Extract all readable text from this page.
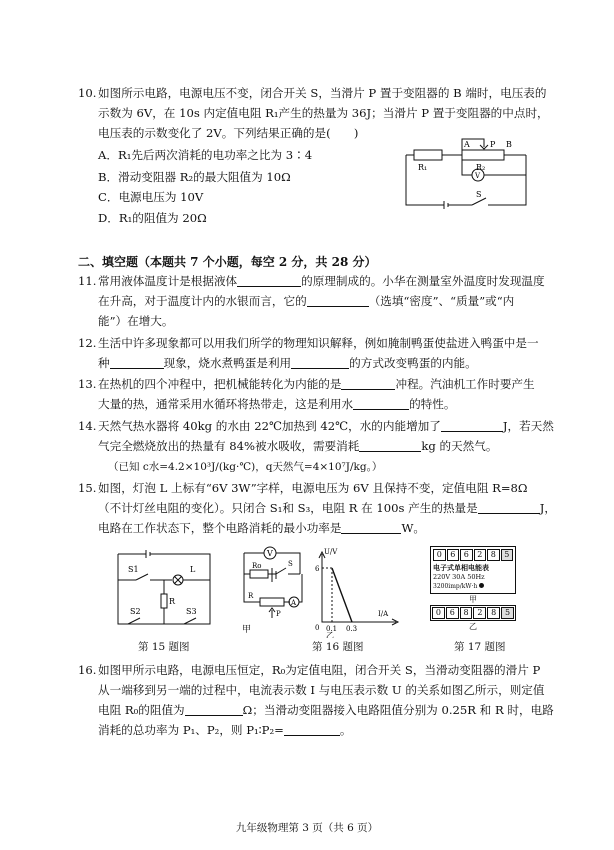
10. 如图所示电路，电源电压不变，闭合开关 S，当滑片 P 置于变阻器的 B 端时，电压表的
示数为 6V，在 10s 内定值电阻 R₁产生的热量为 36J；当滑片 P 置于变阻器的中点时，
电压表的示数变化了 2V。下列结果正确的是(　　)
A．R₁先后两次消耗的电功率之比为 3∶4
B．滑动变阻器 R₂的最大阻值为 10Ω
C．电源电压为 10V
D．R₁的阻值为 20Ω
R₁	R₂
A	P B
V
S
二、填空题（本题共 7 个小题，每空 2 分，共 28 分）
11. 常用液体温度计是根据液体	的原理制成的。小华在测量室外温度时发现温度
在升高，对于温度计内的水银而言，它的	（选填“密度”、“质量”或“内
能”）在增大。
12. 生活中许多现象都可以用我们所学的物理知识解释，例如腌制鸭蛋使盐进入鸭蛋中是一
种	现象，烧水煮鸭蛋是利用	的方式改变鸭蛋的内能。
13. 在热机的四个冲程中，把机械能转化为内能的是	冲程。汽油机工作时要产生
大量的热，通常采用水循环将热带走，这是利用水	的特性。
14. 天然气热水器将 40kg 的水由 22℃加热到 42℃，水的内能增加了	J，若天然
气完全燃烧放出的热量有 84%被水吸收，需要消耗	kg 的天然气。
（已知 c水=4.2×10³J/(kg·℃)，q天然气=4×10⁷J/kg。）
15. 如图，灯泡 L 上标有“6V 3W”字样，电源电压为 6V 且保持不变，定值电阻 R=8Ω
（不计灯丝电阻的变化）。只闭合 S₁和 S₃，电阻 R 在 100s 产生的热量是	J，
电路在工作状态下，整个电路消耗的最小功率是	W。
S1	L
R
S2	S3
第 15 题图
V
Ro	S
A
R
P
甲
U/V
I/A
6
0 0.1 0.3
乙
第 16 题图
0	6	6	2	8	5
电子式单相电能表
220V 30A 50Hz
3200imp/kW·h
甲
0	6	8	2	8	5
乙
第 17 题图
16. 如图甲所示电路，电源电压恒定，R₀为定值电阻，闭合开关 S，当滑动变阻器的滑片 P
从一端移到另一端的过程中，电流表示数 I 与电压表示数 U 的关系如图乙所示，则定值
电阻 R₀的阻值为	Ω；当滑动变阻器接入电路阻值分别为 0.25R 和 R 时，电路
消耗的总功率为 P₁、P₂，则 P₁∶P₂=	。
九年级物理第 3 页（共 6 页）
